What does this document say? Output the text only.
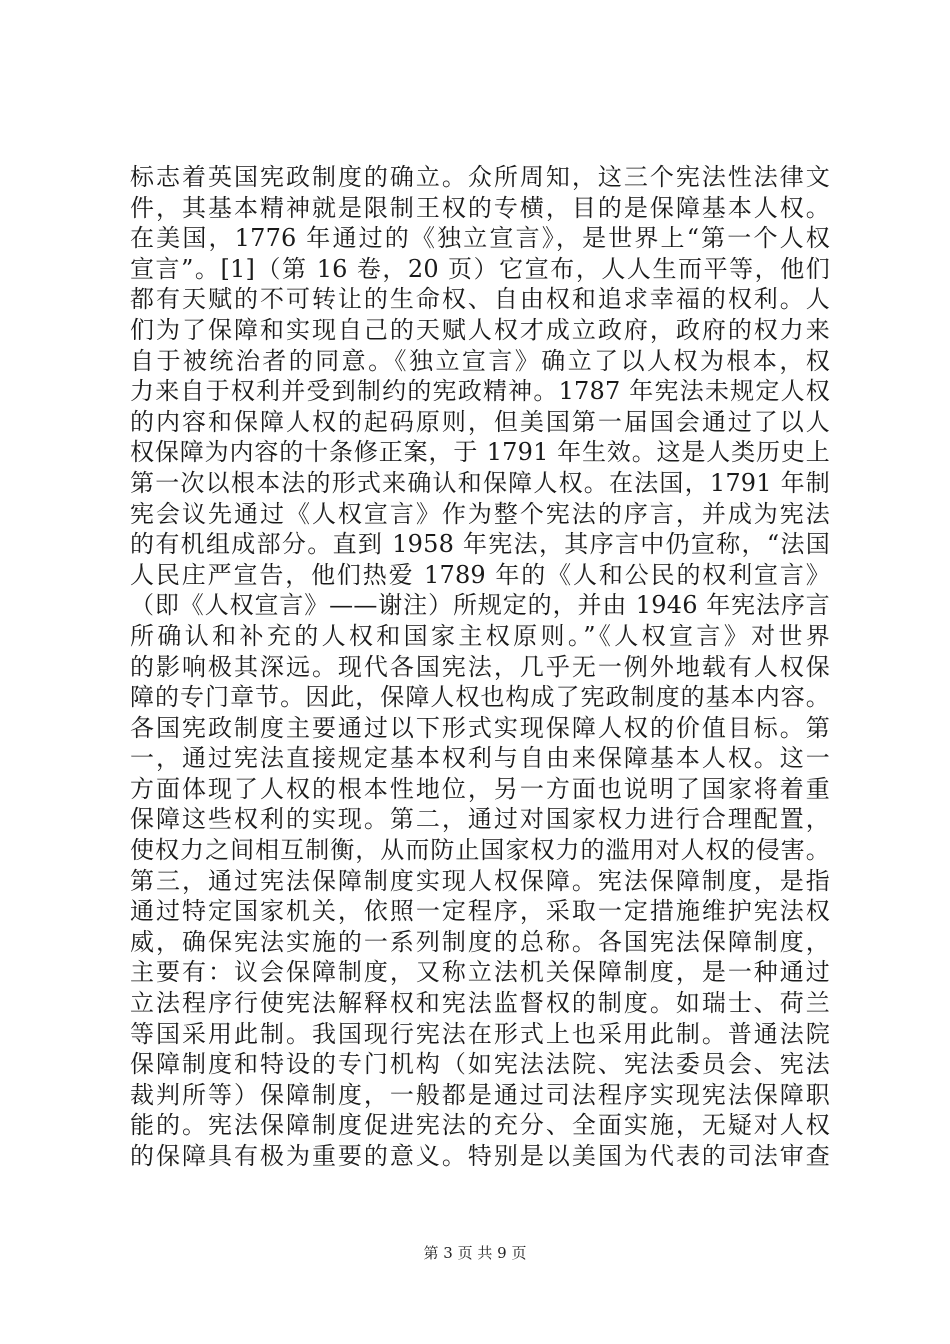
标志着英国宪政制度的确立。众所周知，这三个宪法性法律文
件，其基本精神就是限制王权的专横，目的是保障基本人权。
在美国，1776 年通过的《独立宣言》，是世界上“第一个人权
宣言”。[1]（第 16 卷，20 页）它宣布，人人生而平等，他们
都有天赋的不可转让的生命权、自由权和追求幸福的权利。人
们为了保障和实现自己的天赋人权才成立政府，政府的权力来
自于被统治者的同意。《独立宣言》确立了以人权为根本，权
力来自于权利并受到制约的宪政精神。1787 年宪法未规定人权
的内容和保障人权的起码原则，但美国第一届国会通过了以人
权保障为内容的十条修正案，于 1791 年生效。这是人类历史上
第一次以根本法的形式来确认和保障人权。在法国，1791 年制
宪会议先通过《人权宣言》作为整个宪法的序言，并成为宪法
的有机组成部分。直到 1958 年宪法，其序言中仍宣称，“法国
人民庄严宣告，他们热爱 1789 年的《人和公民的权利宣言》
（即《人权宣言》——谢注）所规定的，并由 1946 年宪法序言
所确认和补充的人权和国家主权原则。”《人权宣言》对世界
的影响极其深远。现代各国宪法，几乎无一例外地载有人权保
障的专门章节。因此，保障人权也构成了宪政制度的基本内容。
各国宪政制度主要通过以下形式实现保障人权的价值目标。第
一，通过宪法直接规定基本权利与自由来保障基本人权。这一
方面体现了人权的根本性地位，另一方面也说明了国家将着重
保障这些权利的实现。第二，通过对国家权力进行合理配置，
使权力之间相互制衡，从而防止国家权力的滥用对人权的侵害。
第三，通过宪法保障制度实现人权保障。宪法保障制度，是指
通过特定国家机关，依照一定程序，采取一定措施维护宪法权
威，确保宪法实施的一系列制度的总称。各国宪法保障制度，
主要有：议会保障制度，又称立法机关保障制度，是一种通过
立法程序行使宪法解释权和宪法监督权的制度。如瑞士、荷兰
等国采用此制。我国现行宪法在形式上也采用此制。普通法院
保障制度和特设的专门机构（如宪法法院、宪法委员会、宪法
裁判所等）保障制度，一般都是通过司法程序实现宪法保障职
能的。宪法保障制度促进宪法的充分、全面实施，无疑对人权
的保障具有极为重要的意义。特别是以美国为代表的司法审查
第 3 页 共 9 页
